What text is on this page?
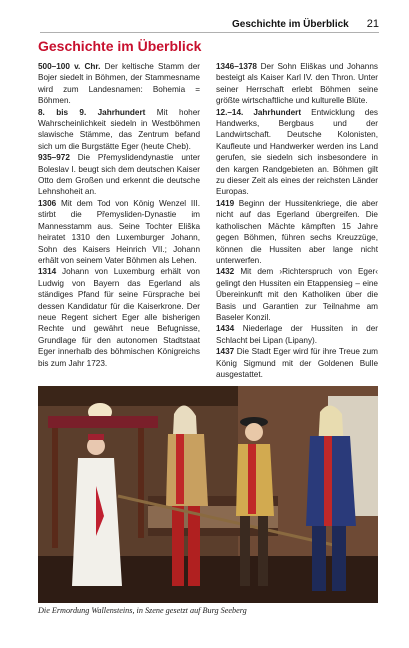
Geschichte im Überblick 21
Geschichte im Überblick

500–100 v. Chr. Der keltische Stamm der Bojer siedelt in Böhmen, der Stammesname wird zum Landesnamen: Bohemia = Böhmen.

8. bis 9. Jahrhundert Mit hoher Wahrscheinlichkeit siedeln in Westböhmen slawische Stämme, das Zentrum befand sich um die Burgstätte Eger (heute Cheb).

935–972 Die Přemyslidendynastie unter Boleslav I. beugt sich dem deutschen Kaiser Otto dem Großen und erkennt die deutsche Lehnshoheit an.

1306 Mit dem Tod von König Wenzel III. stirbt die Přemysliden-Dynastie im Mannesstamm aus. Seine Tochter Eliška heiratet 1310 den Luxemburger Johann, Sohn des Kaisers Heinrich VII.; Johann erhält von seinem Vater Böhmen als Lehen.

1314 Johann von Luxemburg erhält von Ludwig von Bayern das Egerland als ständiges Pfand für seine Fürsprache bei dessen Kandidatur für die Kaiserkrone. Der neue Regent sichert Eger alle bisherigen Rechte und gewährt neue Befugnisse, Grundlage für den autonomen Stadtstaat Eger innerhalb des böhmischen Königreichs bis zum Jahr 1723.

1346–1378 Der Sohn Eliškas und Johanns besteigt als Kaiser Karl IV. den Thron. Unter seiner Herrschaft erlebt Böhmen seine größte wirtschaftliche und kulturelle Blüte.

12.–14. Jahrhundert Entwicklung des Handwerks, Bergbaus und der Landwirtschaft. Deutsche Kolonisten, Kaufleute und Handwerker werden ins Land gerufen, sie siedeln sich insbesondere in den kargen Randgebieten an. Böhmen gilt zu dieser Zeit als eines der reichsten Länder Europas.

1419 Beginn der Hussitenkriege, die aber nicht auf das Egerland übergreifen. Die katholischen Mächte kämpften 15 Jahre gegen Böhmen, führen sechs Kreuzzüge, können die Hussiten aber lange nicht unterwerfen.

1432 Mit dem ›Richterspruch von Eger‹ gelingt den Hussiten ein Etappensieg – eine Übereinkunft mit den Katholiken über die Basis und Garantien zur Teilnahme am Baseler Konzil.

1434 Niederlage der Hussiten in der Schlacht bei Lipan (Lipany).

1437 Die Stadt Eger wird für ihre Treue zum König Sigmund mit der Goldenen Bulle ausgestattet.

Die Ermordung Wallensteins, in Szene gesetzt auf Burg Seeberg
